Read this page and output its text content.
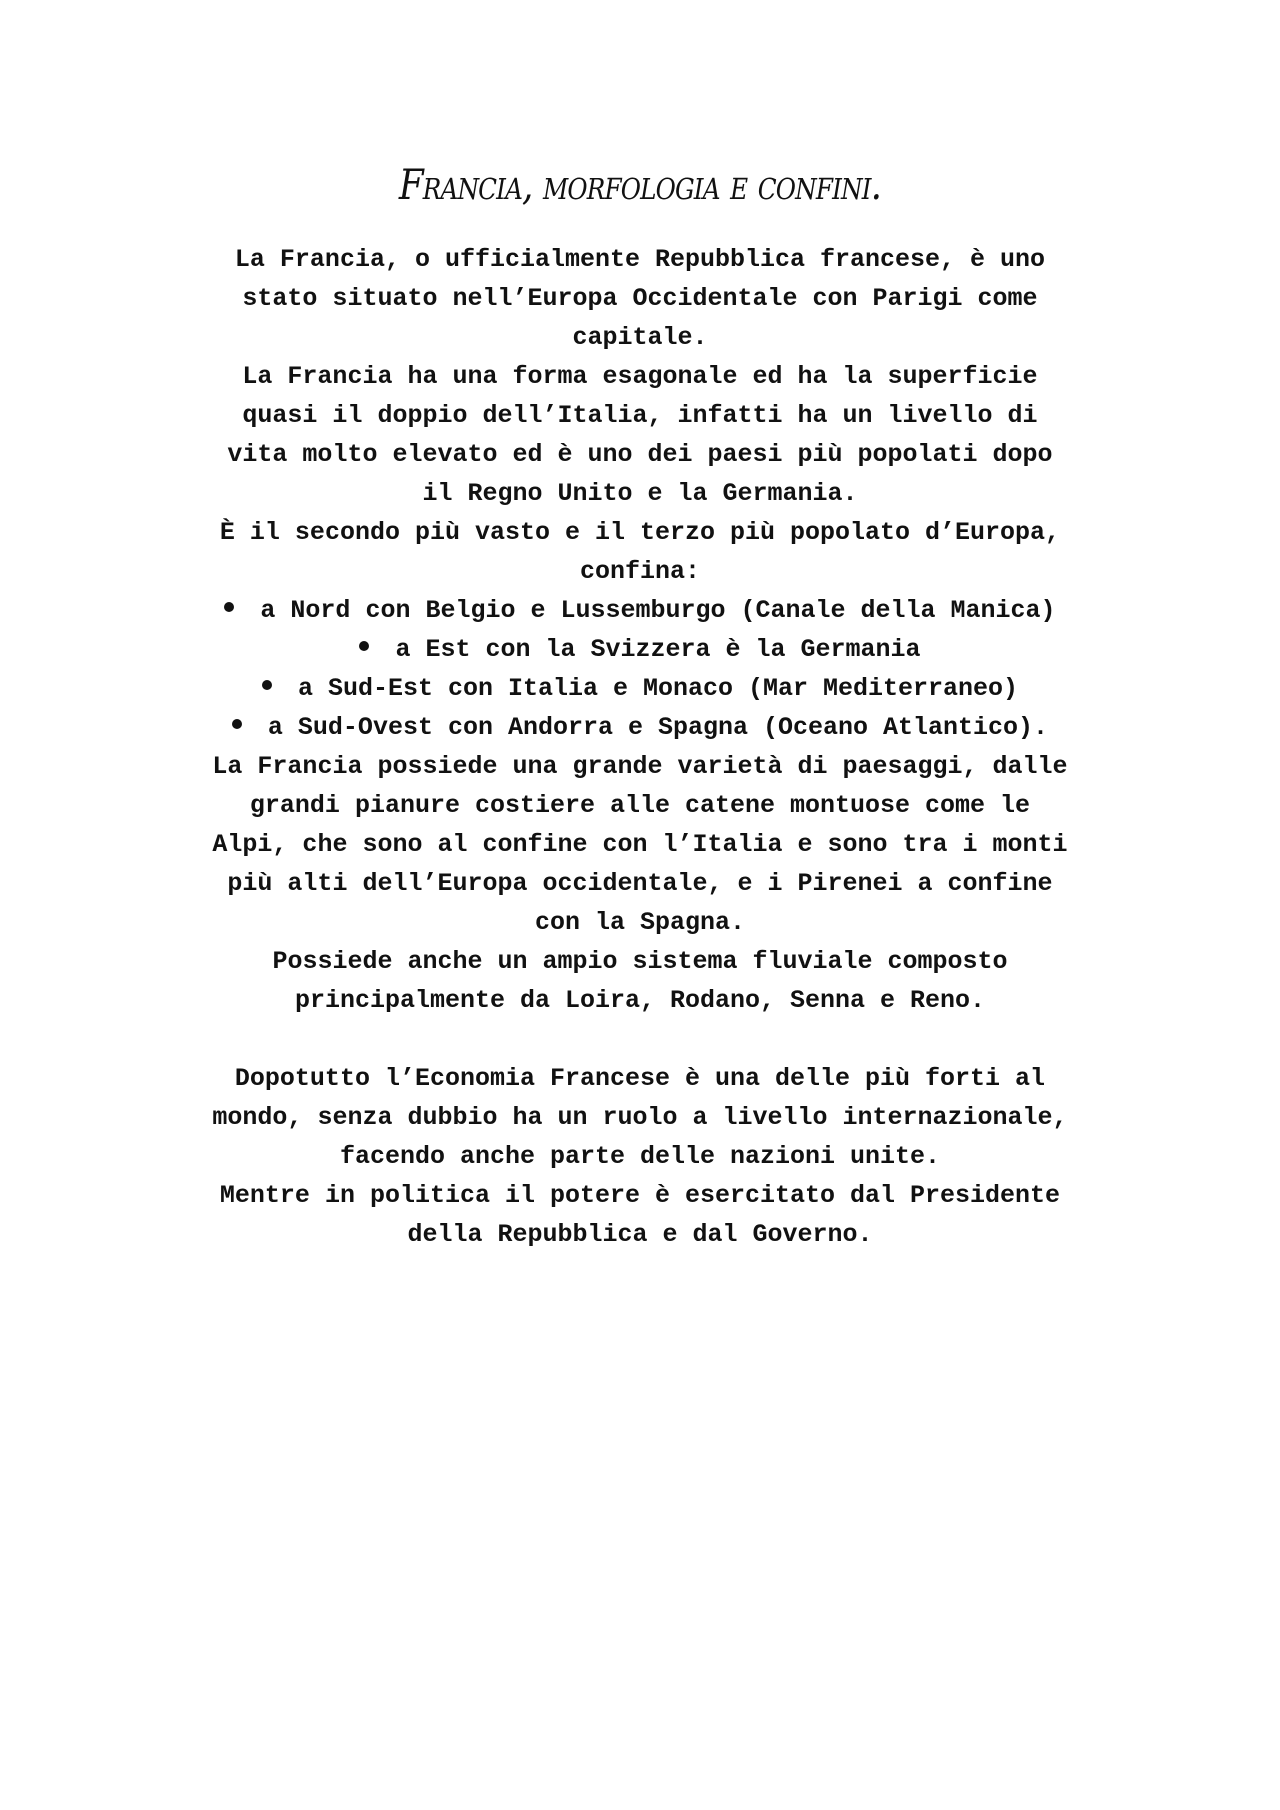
Francia, morfologia e confini.
La Francia, o ufficialmente Repubblica francese, è uno
stato situato nell’Europa Occidentale con Parigi come
capitale.
La Francia ha una forma esagonale ed ha la superficie
quasi il doppio dell’Italia, infatti ha un livello di
vita molto elevato ed è uno dei paesi più popolati dopo
il Regno Unito e la Germania.
È il secondo più vasto e il terzo più popolato d’Europa,
confina:
a Nord con Belgio e Lussemburgo (Canale della Manica)
a Est con la Svizzera è la Germania
a Sud-Est con Italia e Monaco (Mar Mediterraneo)
a Sud-Ovest con Andorra e Spagna (Oceano Atlantico).
La Francia possiede una grande varietà di paesaggi, dalle
grandi pianure costiere alle catene montuose come le
Alpi, che sono al confine con l’Italia e sono tra i monti
più alti dell’Europa occidentale, e i Pirenei a confine
con la Spagna.
Possiede anche un ampio sistema fluviale composto
principalmente da Loira, Rodano, Senna e Reno.
Dopotutto l’Economia Francese è una delle più forti al
mondo, senza dubbio ha un ruolo a livello internazionale,
facendo anche parte delle nazioni unite.
Mentre in politica il potere è esercitato dal Presidente
della Repubblica e dal Governo.
